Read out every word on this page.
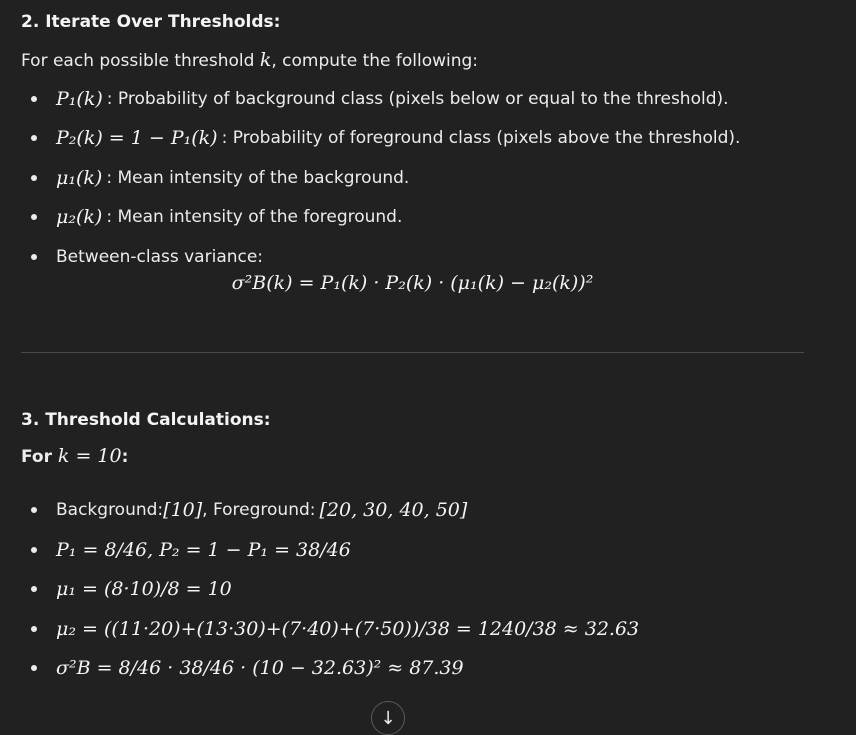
2. Iterate Over Thresholds:
For each possible threshold k, compute the following:
P₁(k) : Probability of background class (pixels below or equal to the threshold).
P₂(k) = 1 − P₁(k) : Probability of foreground class (pixels above the threshold).
μ₁(k) : Mean intensity of the background.
μ₂(k) : Mean intensity of the foreground.
Between-class variance:
σ²B(k) = P₁(k) · P₂(k) · (μ₁(k) − μ₂(k))²
3. Threshold Calculations:
For k = 10:
Background: [10] , Foreground: [20, 30, 40, 50]
P₁ = 8/46, P₂ = 1 − P₁ = 38/46
μ₁ = (8·10)/8 = 10
μ₂ = ((11·20)+(13·30)+(7·40)+(7·50))/38 = 1240/38 ≈ 32.63
σ²B = 8/46 · 38/46 · (10 − 32.63)² ≈ 87.39
↓
